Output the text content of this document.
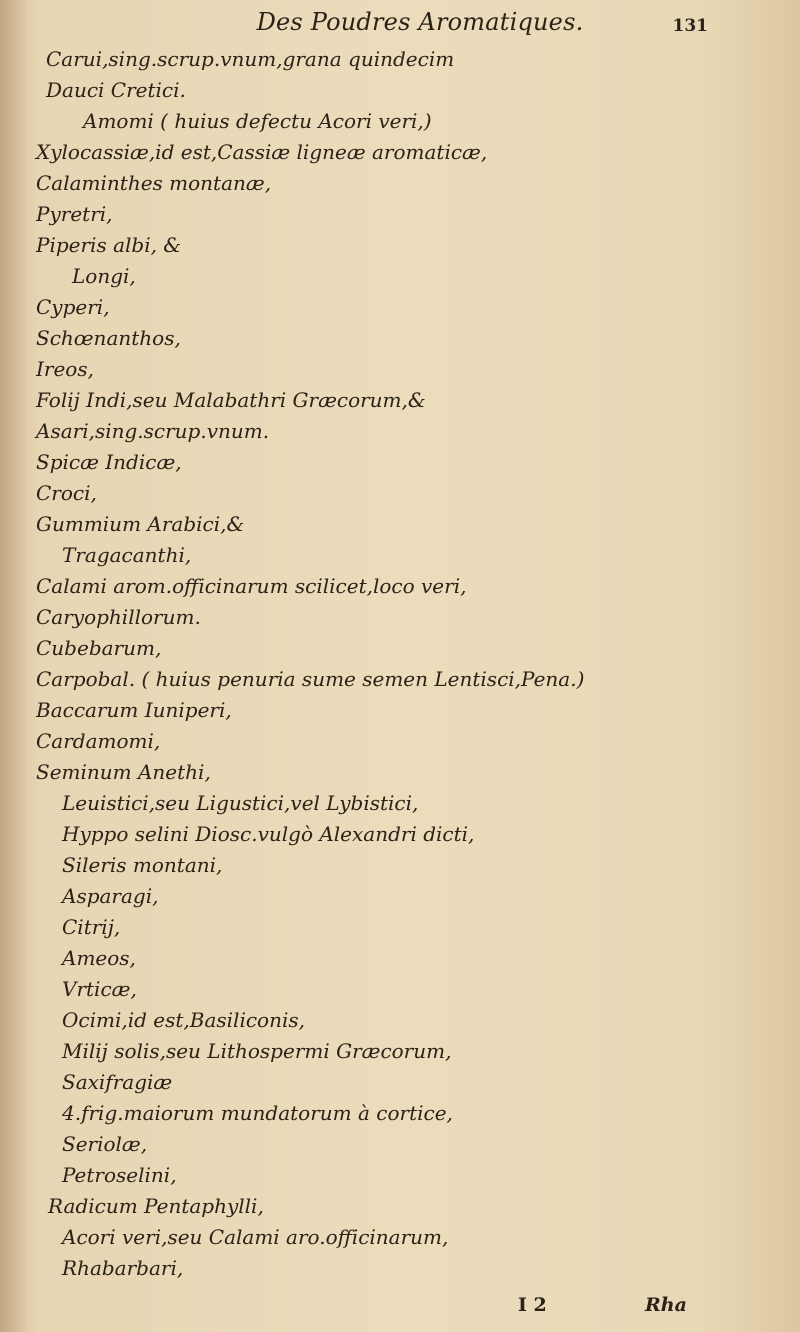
Des Poudres Aromatiques.	131
Carui,sing.scrup.vnum,grana quindecim
Dauci Cretici.
Amomi ( huius defectu Acori veri,)
Xylocassiæ,id est,Cassiæ ligneæ aromaticæ,
Calaminthes montanæ,
Pyretri,
Piperis albi, &
Longi,
Cyperi,
Schœnanthos,
Ireos,
Folij Indi,seu Malabathri Græcorum,&
Asari,sing.scrup.vnum.
Spicæ Indicæ,
Croci,
Gummium Arabici,&
Tragacanthi,
Calami arom.officinarum scilicet,loco veri,
Caryophillorum.
Cubebarum,
Carpobal. ( huius penuria sume semen Lentisci,Pena.)
Baccarum Iuniperi,
Cardamomi,
Seminum Anethi,
Leuistici,seu Ligustici,vel Lybistici,
Hyppo selini Diosc.vulgò Alexandri dicti,
Sileris montani,
Asparagi,
Citrij,
Ameos,
Vrticæ,
Ocimi,id est,Basiliconis,
Milij solis,seu Lithospermi Græcorum,
Saxifragiæ
4.frig.maiorum mundatorum à cortice,
Seriolæ,
Petroselini,
Radicum Pentaphylli,
Acori veri,seu Calami aro.officinarum,
Rhabarbari,
I 2	Rha
